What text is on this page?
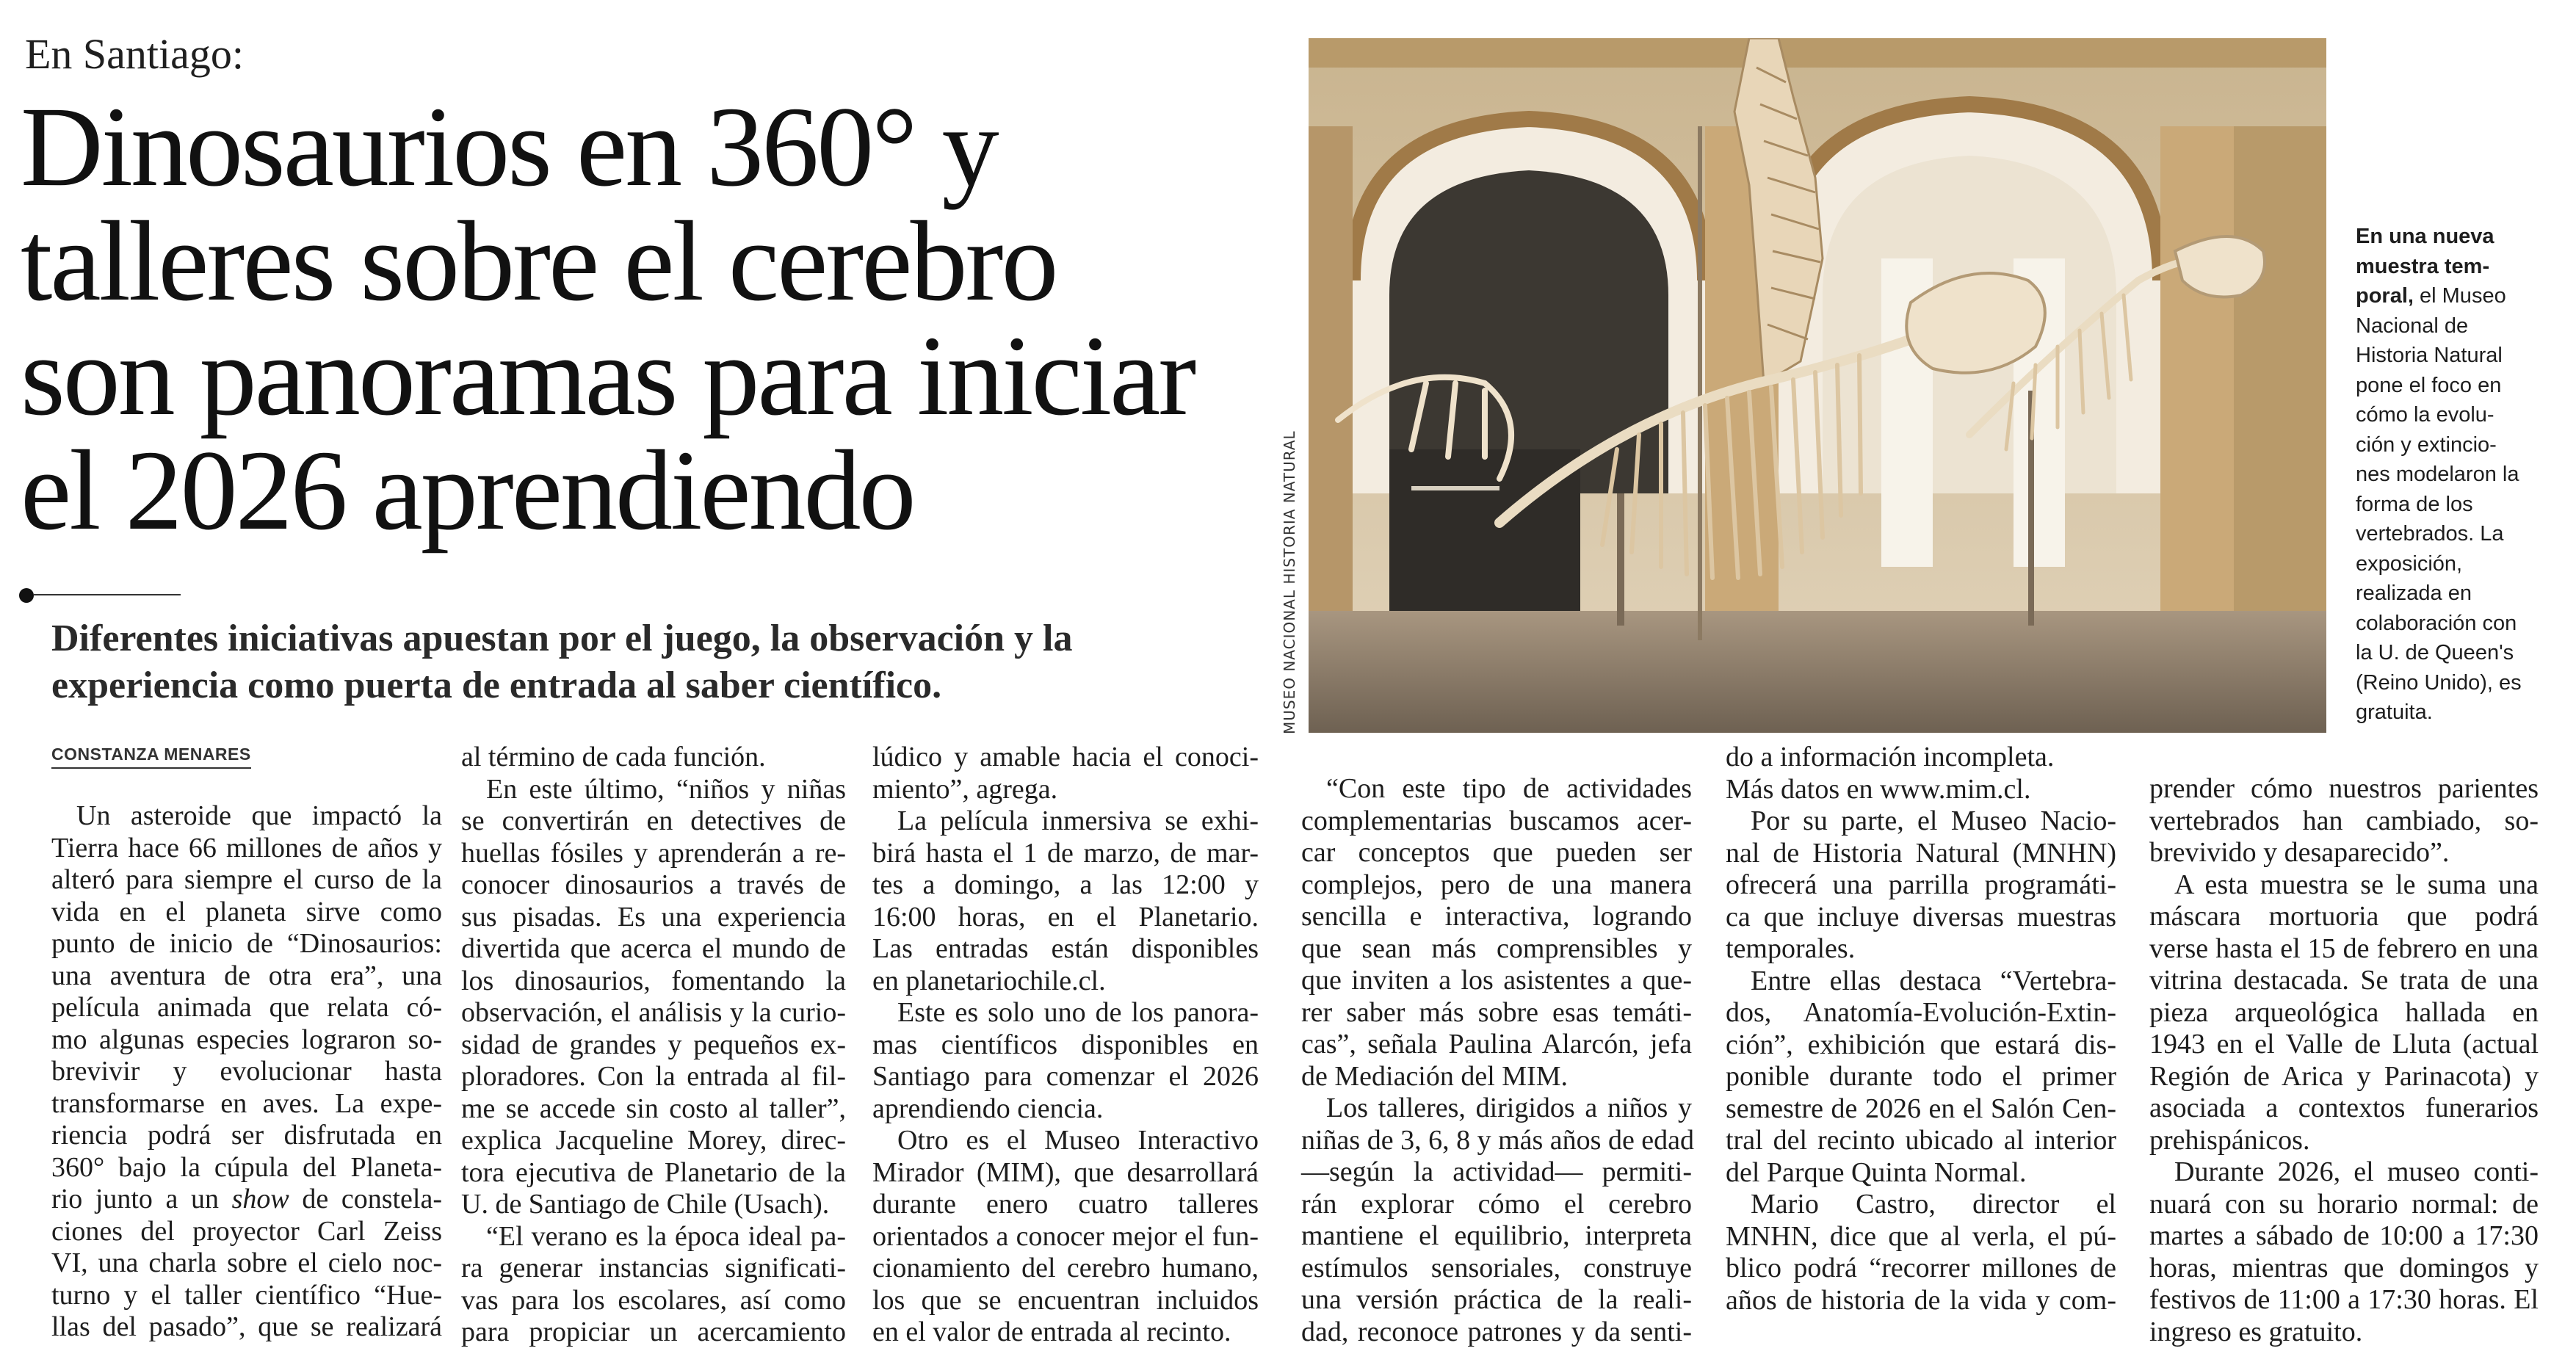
En Santiago:
Dinosaurios en 360° y
talleres sobre el cerebro
son panoramas para iniciar
el 2026 aprendiendo
Diferentes iniciativas apuestan por el juego, la observación y la
experiencia como puerta de entrada al saber científico.	MUSEO NACIONAL HISTORIA NATURAL
En una nueva
muestra tem-
poral, el Museo
Nacional de
Historia Natural
pone el foco en
cómo la evolu-
ción y extincio-
nes modelaron la
forma de los
vertebrados. La
exposición,
realizada en
colaboración con
la U. de Queen's
(Reino Unido), es
gratuita.
CONSTANZA MENARES
Un asteroide que impactó la
Tierra hace 66 millones de años y
alteró para siempre el curso de la
vida en el planeta sirve como
punto de inicio de “Dinosaurios:
una aventura de otra era”, una
película animada que relata có-
mo algunas especies lograron so-
brevivir y evolucionar hasta
transformarse en aves. La expe-
riencia podrá ser disfrutada en
360° bajo la cúpula del Planeta-
rio junto a un show de constela-
ciones del proyector Carl Zeiss
VI, una charla sobre el cielo noc-
turno y el taller científico “Hue-
llas del pasado”, que se realizará
al término de cada función.
En este último, “niños y niñas
se convertirán en detectives de
huellas fósiles y aprenderán a re-
conocer dinosaurios a través de
sus pisadas. Es una experiencia
divertida que acerca el mundo de
los dinosaurios, fomentando la
observación, el análisis y la curio-
sidad de grandes y pequeños ex-
ploradores. Con la entrada al fil-
me se accede sin costo al taller”,
explica Jacqueline Morey, direc-
tora ejecutiva de Planetario de la
U. de Santiago de Chile (Usach).
“El verano es la época ideal pa-
ra generar instancias significati-
vas para los escolares, así como
para propiciar un acercamiento
lúdico y amable hacia el conoci-
miento”, agrega.
La película inmersiva se exhi-
birá hasta el 1 de marzo, de mar-
tes a domingo, a las 12:00 y
16:00 horas, en el Planetario.
Las entradas están disponibles
en planetariochile.cl.
Este es solo uno de los panora-
mas científicos disponibles en
Santiago para comenzar el 2026
aprendiendo ciencia.
Otro es el Museo Interactivo
Mirador (MIM), que desarrollará
durante enero cuatro talleres
orientados a conocer mejor el fun-
cionamiento del cerebro humano,
los que se encuentran incluidos
en el valor de entrada al recinto.
“Con este tipo de actividades
complementarias buscamos acer-
car conceptos que pueden ser
complejos, pero de una manera
sencilla e interactiva, logrando
que sean más comprensibles y
que inviten a los asistentes a que-
rer saber más sobre esas temáti-
cas”, señala Paulina Alarcón, jefa
de Mediación del MIM.
Los talleres, dirigidos a niños y
niñas de 3, 6, 8 y más años de edad
—según la actividad— permiti-
rán explorar cómo el cerebro
mantiene el equilibrio, interpreta
estímulos sensoriales, construye
una versión práctica de la reali-
dad, reconoce patrones y da senti-
do a información incompleta.
Más datos en www.mim.cl.
Por su parte, el Museo Nacio-
nal de Historia Natural (MNHN)
ofrecerá una parrilla programáti-
ca que incluye diversas muestras
temporales.
Entre ellas destaca “Vertebra-
dos, Anatomía-Evolución-Extin-
ción”, exhibición que estará dis-
ponible durante todo el primer
semestre de 2026 en el Salón Cen-
tral del recinto ubicado al interior
del Parque Quinta Normal.
Mario Castro, director el
MNHN, dice que al verla, el pú-
blico podrá “recorrer millones de
años de historia de la vida y com-
prender cómo nuestros parientes
vertebrados han cambiado, so-
brevivido y desaparecido”.
A esta muestra se le suma una
máscara mortuoria que podrá
verse hasta el 15 de febrero en una
vitrina destacada. Se trata de una
pieza arqueológica hallada en
1943 en el Valle de Lluta (actual
Región de Arica y Parinacota) y
asociada a contextos funerarios
prehispánicos.
Durante 2026, el museo conti-
nuará con su horario normal: de
martes a sábado de 10:00 a 17:30
horas, mientras que domingos y
festivos de 11:00 a 17:30 horas. El
ingreso es gratuito.
